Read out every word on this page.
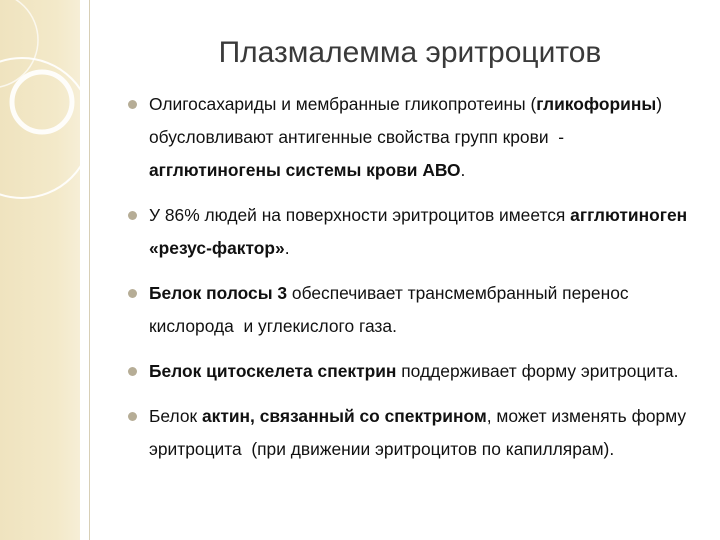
Плазмалемма эритроцитов
Олигосахариды и мембранные гликопротеины (гликофорины) обусловливают антигенные свойства групп крови  - агглютиногены системы крови АВО.
У 86% людей на поверхности эритроцитов имеется агглютиноген «резус-фактор».
Белок полосы 3 обеспечивает трансмембранный перенос кислорода  и углекислого газа.
Белок цитоскелета спектрин поддерживает форму эритроцита.
Белок актин, связанный со спектрином, может изменять форму эритроцита  (при движении эритроцитов по капиллярам).
